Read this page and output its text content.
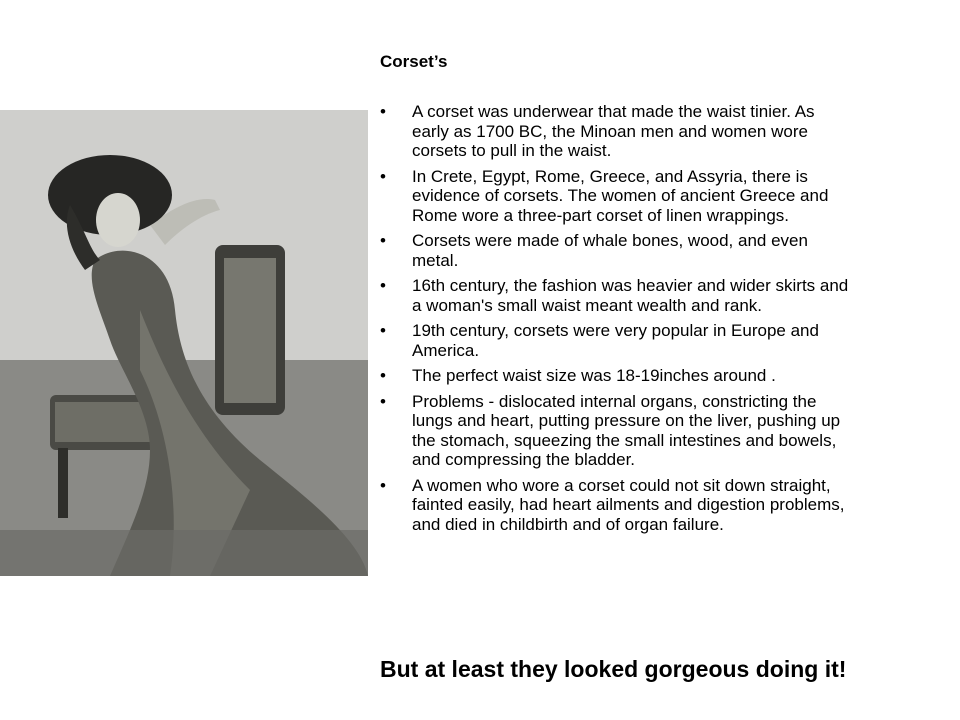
Corset’s
• A corset was underwear that made the waist tinier. As
early as 1700 BC, the Minoan men and women wore
corsets to pull in the waist.
• In Crete, Egypt, Rome, Greece, and Assyria, there is
evidence of corsets. The women of ancient Greece and
Rome wore a three-part corset of linen wrappings.
• Corsets were made of whale bones, wood, and even
metal.
• 16th century, the fashion was heavier and wider skirts and
a woman's small waist meant wealth and rank.
• 19th century, corsets were very popular in Europe and
America.
• The perfect waist size was 18-19inches around .
• Problems - dislocated internal organs, constricting the
lungs and heart, putting pressure on the liver, pushing up
the stomach, squeezing the small intestines and bowels,
and compressing the bladder.
• A women who wore a corset could not sit down straight,
fainted easily, had heart ailments and digestion problems,
and died in childbirth and of organ failure.

But at least they looked gorgeous doing it!
